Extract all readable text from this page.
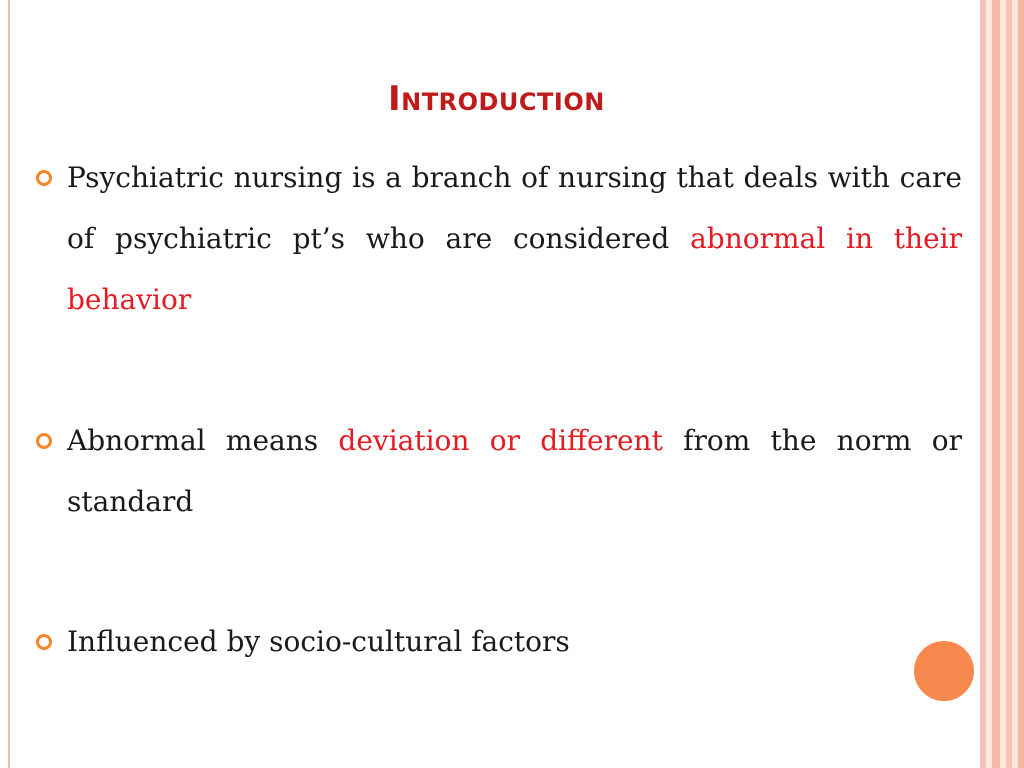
Introduction
Psychiatric nursing is a branch of nursing that deals with care of psychiatric pt’s who are considered abnormal in their behavior
Abnormal means deviation or different from the norm or standard
Influenced by socio-cultural factors
